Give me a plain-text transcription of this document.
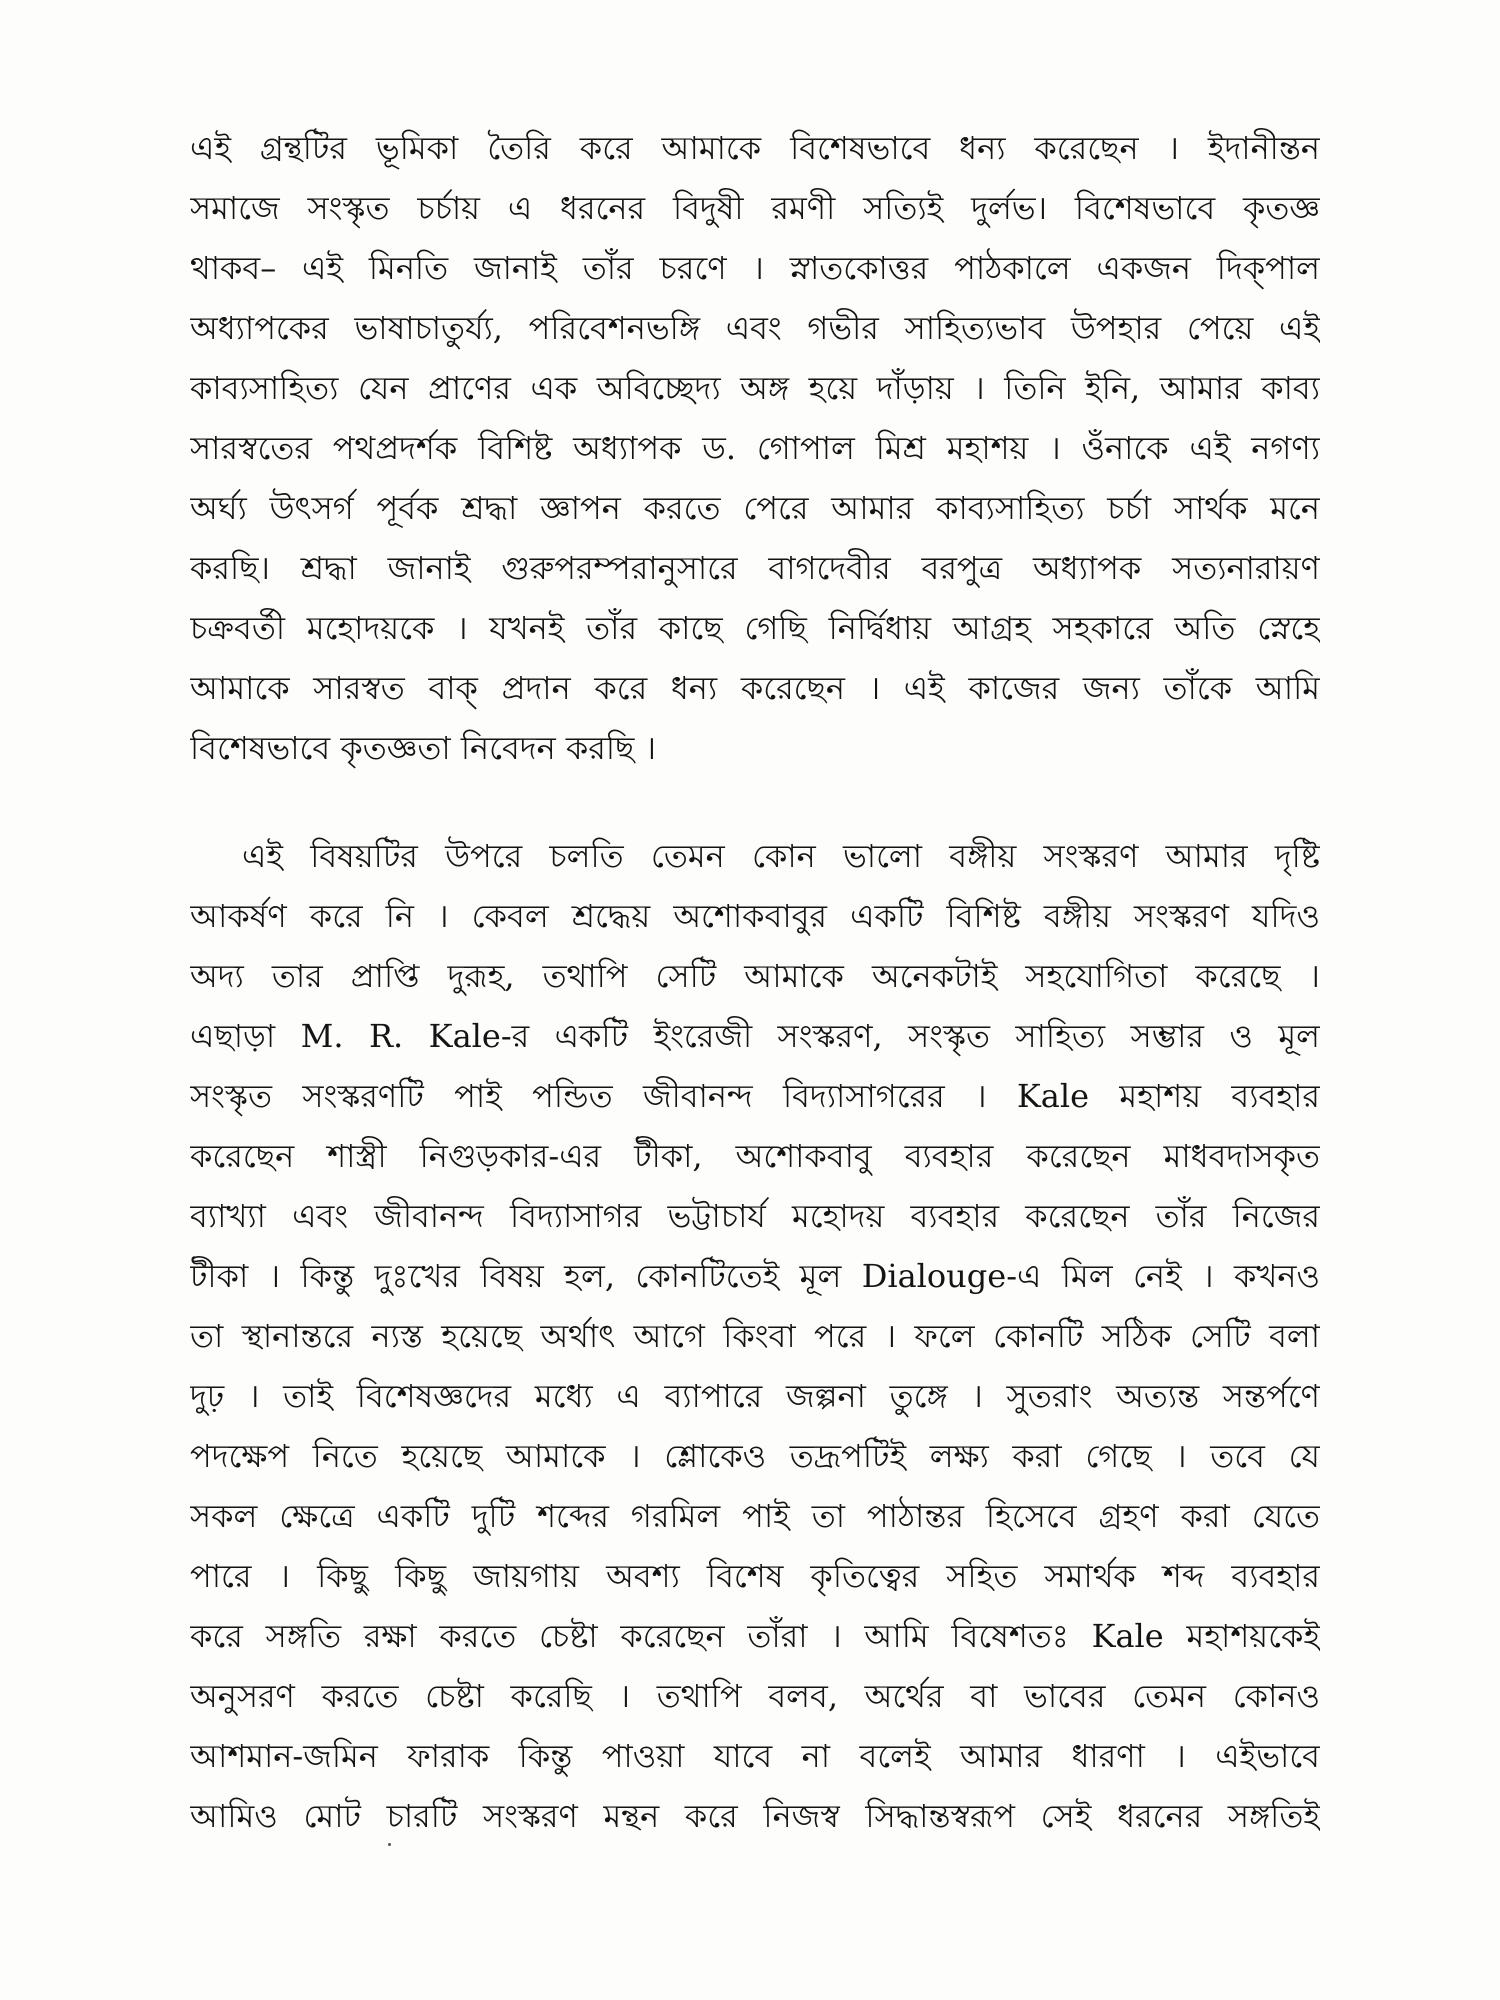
এই গ্রন্থটির ভূমিকা তৈরি করে আমাকে বিশেষভাবে ধন্য করেছেন । ইদানীন্তন
সমাজে সংস্কৃত চর্চায় এ ধরনের বিদুষী রমণী সত্যিই দুর্লভ। বিশেষভাবে কৃতজ্ঞ
থাকব– এই মিনতি জানাই তাঁর চরণে । স্নাতকোত্তর পাঠকালে একজন দিক্‌পাল
অধ্যাপকের ভাষাচাতুর্য্য, পরিবেশনভঙ্গি এবং গভীর সাহিত্যভাব উপহার পেয়ে এই
কাব্যসাহিত্য যেন প্রাণের এক অবিচ্ছেদ্য অঙ্গ হয়ে দাঁড়ায় । তিনি ইনি, আমার কাব্য
সারস্বতের পথপ্রদর্শক বিশিষ্ট অধ্যাপক ড. গোপাল মিশ্র মহাশয় । ওঁনাকে এই নগণ্য
অর্ঘ্য উৎসর্গ পূর্বক শ্রদ্ধা জ্ঞাপন করতে পেরে আমার কাব্যসাহিত্য চর্চা সার্থক মনে
করছি। শ্রদ্ধা জানাই গুরুপরম্পরানুসারে বাগদেবীর বরপুত্র অধ্যাপক সত্যনারায়ণ
চক্রবর্তী মহোদয়কে । যখনই তাঁর কাছে গেছি নির্দ্বিধায় আগ্রহ সহকারে অতি স্নেহে
আমাকে সারস্বত বাক্‌ প্রদান করে ধন্য করেছেন । এই কাজের জন্য তাঁকে আমি
বিশেষভাবে কৃতজ্ঞতা নিবেদন করছি ।
এই বিষয়টির উপরে চলতি তেমন কোন ভালো বঙ্গীয় সংস্করণ আমার দৃষ্টি
আকর্ষণ করে নি । কেবল শ্রদ্ধেয় অশোকবাবুর একটি বিশিষ্ট বঙ্গীয় সংস্করণ যদিও
অদ্য তার প্রাপ্তি দুরূহ, তথাপি সেটি আমাকে অনেকটাই সহযোগিতা করেছে ।
এছাড়া M. R. Kale-র একটি ইংরেজী সংস্করণ, সংস্কৃত সাহিত্য সম্ভার ও মূল
সংস্কৃত সংস্করণটি পাই পন্ডিত জীবানন্দ বিদ্যাসাগরের । Kale মহাশয় ব্যবহার
করেছেন শাস্ত্রী নিগুড়কার-এর টীকা, অশোকবাবু ব্যবহার করেছেন মাধবদাসকৃত
ব্যাখ্যা এবং জীবানন্দ বিদ্যাসাগর ভট্টাচার্য মহোদয় ব্যবহার করেছেন তাঁর নিজের
টীকা । কিন্তু দুঃখের বিষয় হল, কোনটিতেই মূল Dialouge-এ মিল নেই । কখনও
তা স্থানান্তরে ন্যস্ত হয়েছে অর্থাৎ আগে কিংবা পরে । ফলে কোনটি সঠিক সেটি বলা
দুঢ় । তাই বিশেষজ্ঞদের মধ্যে এ ব্যাপারে জল্পনা তুঙ্গে । সুতরাং অত্যন্ত সন্তর্পণে
পদক্ষেপ নিতে হয়েছে আমাকে । শ্লোকেও তদ্রূপটিই লক্ষ্য করা গেছে । তবে যে
সকল ক্ষেত্রে একটি দুটি শব্দের গরমিল পাই তা পাঠান্তর হিসেবে গ্রহণ করা যেতে
পারে । কিছু কিছু জায়গায় অবশ্য বিশেষ কৃতিত্বের সহিত সমার্থক শব্দ ব্যবহার
করে সঙ্গতি রক্ষা করতে চেষ্টা করেছেন তাঁরা । আমি বিষেশতঃ Kale মহাশয়কেই
অনুসরণ করতে চেষ্টা করেছি । তথাপি বলব, অর্থের বা ভাবের তেমন কোনও
আশমান-জমিন ফারাক কিন্তু পাওয়া যাবে না বলেই আমার ধারণা । এইভাবে
আমিও মোট চারটি সংস্করণ মন্থন করে নিজস্ব সিদ্ধান্তস্বরূপ সেই ধরনের সঙ্গতিই
